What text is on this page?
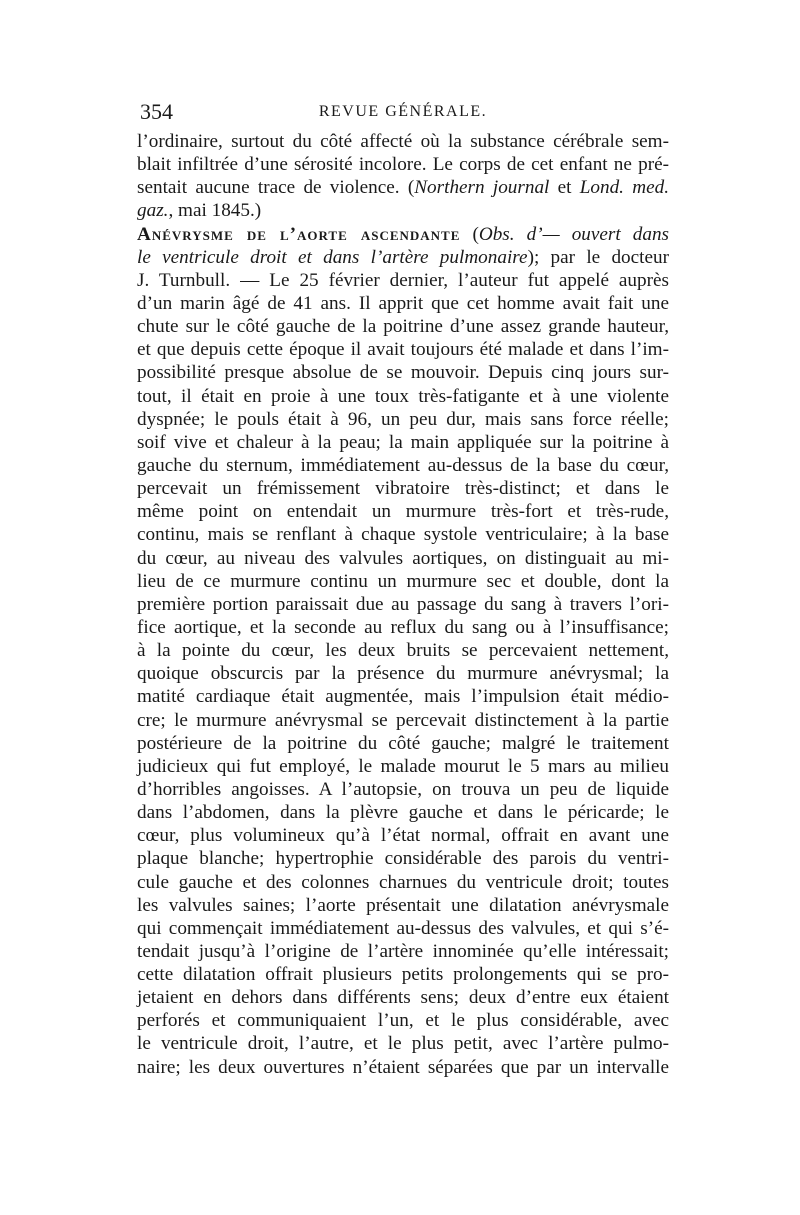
354	REVUE GÉNÉRALE.
l’ordinaire, surtout du côté affecté où la substance cérébrale sem-
blait infiltrée d’une sérosité incolore. Le corps de cet enfant ne pré-
sentait aucune trace de violence. (Northern journal et Lond. med.
gaz., mai 1845.)
Anévrysme de l’aorte ascendante (Obs. d’— ouvert dans
le ventricule droit et dans l’artère pulmonaire); par le docteur
J. Turnbull. — Le 25 février dernier, l’auteur fut appelé auprès
d’un marin âgé de 41 ans. Il apprit que cet homme avait fait une
chute sur le côté gauche de la poitrine d’une assez grande hauteur,
et que depuis cette époque il avait toujours été malade et dans l’im-
possibilité presque absolue de se mouvoir. Depuis cinq jours sur-
tout, il était en proie à une toux très-fatigante et à une violente
dyspnée; le pouls était à 96, un peu dur, mais sans force réelle;
soif vive et chaleur à la peau; la main appliquée sur la poitrine à
gauche du sternum, immédiatement au-dessus de la base du cœur,
percevait un frémissement vibratoire très-distinct; et dans le
même point on entendait un murmure très-fort et très-rude,
continu, mais se renflant à chaque systole ventriculaire; à la base
du cœur, au niveau des valvules aortiques, on distinguait au mi-
lieu de ce murmure continu un murmure sec et double, dont la
première portion paraissait due au passage du sang à travers l’ori-
fice aortique, et la seconde au reflux du sang ou à l’insuffisance;
à la pointe du cœur, les deux bruits se percevaient nettement,
quoique obscurcis par la présence du murmure anévrysmal; la
matité cardiaque était augmentée, mais l’impulsion était médio-
cre; le murmure anévrysmal se percevait distinctement à la partie
postérieure de la poitrine du côté gauche; malgré le traitement
judicieux qui fut employé, le malade mourut le 5 mars au milieu
d’horribles angoisses. A l’autopsie, on trouva un peu de liquide
dans l’abdomen, dans la plèvre gauche et dans le péricarde; le
cœur, plus volumineux qu’à l’état normal, offrait en avant une
plaque blanche; hypertrophie considérable des parois du ventri-
cule gauche et des colonnes charnues du ventricule droit; toutes
les valvules saines; l’aorte présentait une dilatation anévrysmale
qui commençait immédiatement au-dessus des valvules, et qui s’é-
tendait jusqu’à l’origine de l’artère innominée qu’elle intéressait;
cette dilatation offrait plusieurs petits prolongements qui se pro-
jetaient en dehors dans différents sens; deux d’entre eux étaient
perforés et communiquaient l’un, et le plus considérable, avec
le ventricule droit, l’autre, et le plus petit, avec l’artère pulmo-
naire; les deux ouvertures n’étaient séparées que par un intervalle
